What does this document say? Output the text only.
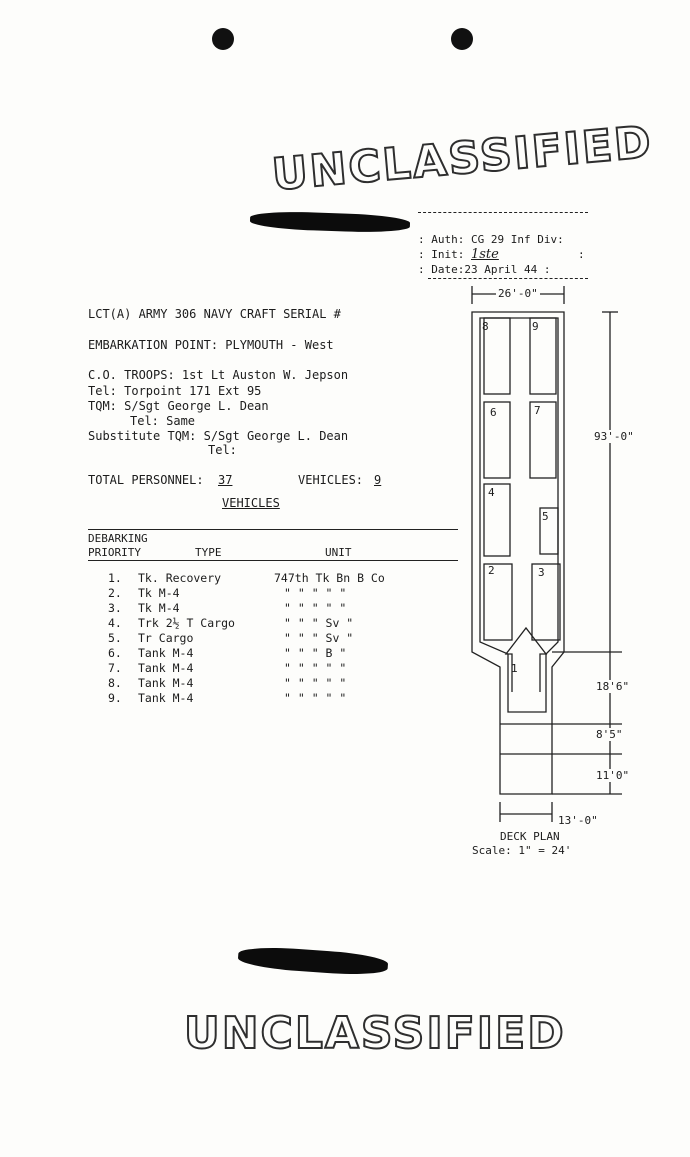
UNCLASSIFIED
: Auth: CG 29 Inf Div:
: Init: 1ste	:
: Date:23 April 44 :
LCT(A) ARMY 306 NAVY CRAFT SERIAL #
EMBARKATION POINT: PLYMOUTH - West
C.O. TROOPS: 1st Lt Auston W. Jepson
Tel: Torpoint 171 Ext 95
TQM: S/Sgt George L. Dean
Tel: Same
Substitute TQM: S/Sgt George L. Dean
Tel:
TOTAL PERSONNEL: 37	VEHICLES: 9
VEHICLES
DEBARKING
PRIORITY	TYPE	UNIT
1. Tk. Recovery	747th Tk Bn B Co
2. Tk M-4	" " " " "
3. Tk M-4	" " " " "
4. Trk 2½ T Cargo	" " " Sv "
5. Tr Cargo	" " " Sv "
6. Tank M-4	" " " B "
7. Tank M-4	" " " " "
8. Tank M-4	" " " " "
9. Tank M-4	" " " " "
8	9
6	7
4
5
2	3
1
26'-0"
93'-0"
18'6"
8'5"
11'0"
13'-0"
DECK PLAN
Scale: 1" = 24'
UNCLASSIFIED
